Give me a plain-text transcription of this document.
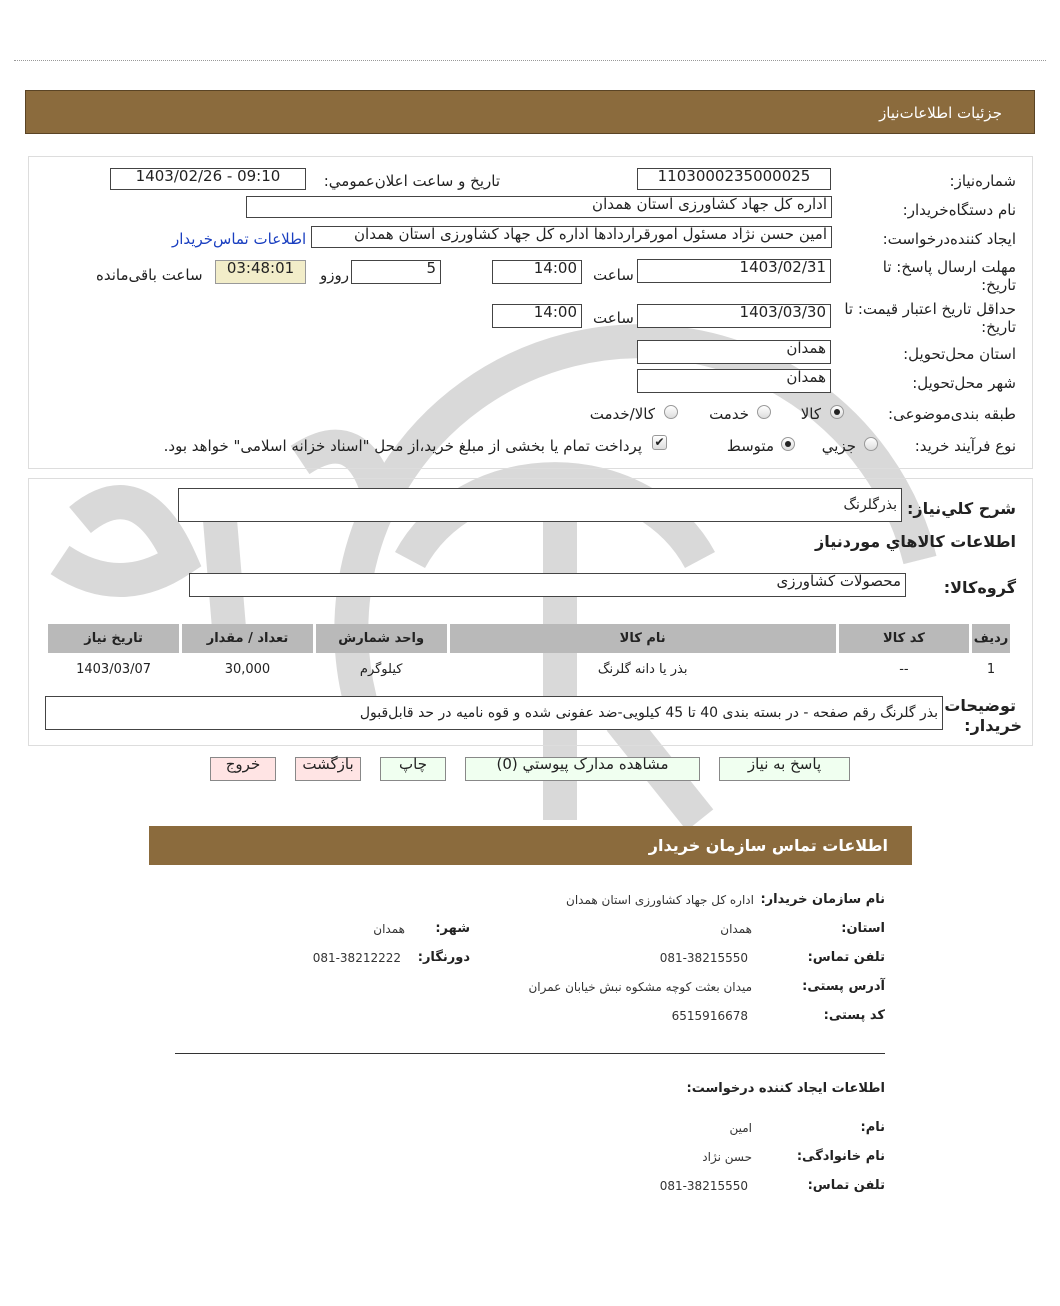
جزئیات اطلاعات‌نیاز
شماره‌نیاز:
1103000235000025
تاریخ و ساعت اعلان‌عمومي:
1403/02/26 - 09:10
نام دستگاه‌خریدار:
اداره کل جهاد کشاورزی استان همدان
ایجاد کننده‌درخواست:
امین حسن نژاد مسئول امورقراردادها اداره کل جهاد کشاورزی استان همدان
اطلاعات تماس‌خریدار
مهلت ارسال پاسخ: تا
تاریخ:
1403/02/31
ساعت
14:00
5
روزو
03:48:01
ساعت باقی‌مانده
حداقل تاریخ اعتبار قیمت: تا
تاریخ:
1403/03/30
ساعت
14:00
استان محل‌تحویل:
همدان
شهر محل‌تحویل:
همدان
طبقه بندی‌موضوعی:
کالا
خدمت
کالا/خدمت
نوع فرآیند خرید:
جزیي
متوسط
✔
پرداخت تمام یا بخشی از مبلغ خرید،از محل "اسناد خزانه اسلامی" خواهد بود.
شرح کلي‌نیاز:
بذرگلرنگ
اطلاعات کالاهاي موردنیاز
گروه‌کالا:
محصولات کشاورزی
ردیف	کد کالا	نام کالا	واحد شمارش	تعداد / مقدار	تاریخ نیاز
1	--	بذر یا دانه گلرنگ	کیلوگرم	30,000	1403/03/07
توضیحات
خریدار:
بذر گلرنگ رقم صفحه - در بسته بندی 40 تا 45 کیلویی-ضد عفونی شده و قوه نامیه در حد قابل‌قبول
پاسخ به نیاز
مشاهده مدارک پیوستي (0)
چاپ
بازگشت
خروج
اطلاعات تماس سازمان خریدار
نام سازمان خریدار:
اداره کل جهاد کشاورزی استان همدان
استان:
همدان
شهر:
همدان
تلفن تماس:
081-38215550
دورنگار:
081-38212222
آدرس پستی:
میدان بعثت کوچه مشکوه نبش خیابان عمران
کد پستی:
6515916678
اطلاعات ایجاد کننده درخواست:
نام:
امین
نام خانوادگی:
حسن نژاد
تلفن تماس:
081-38215550
